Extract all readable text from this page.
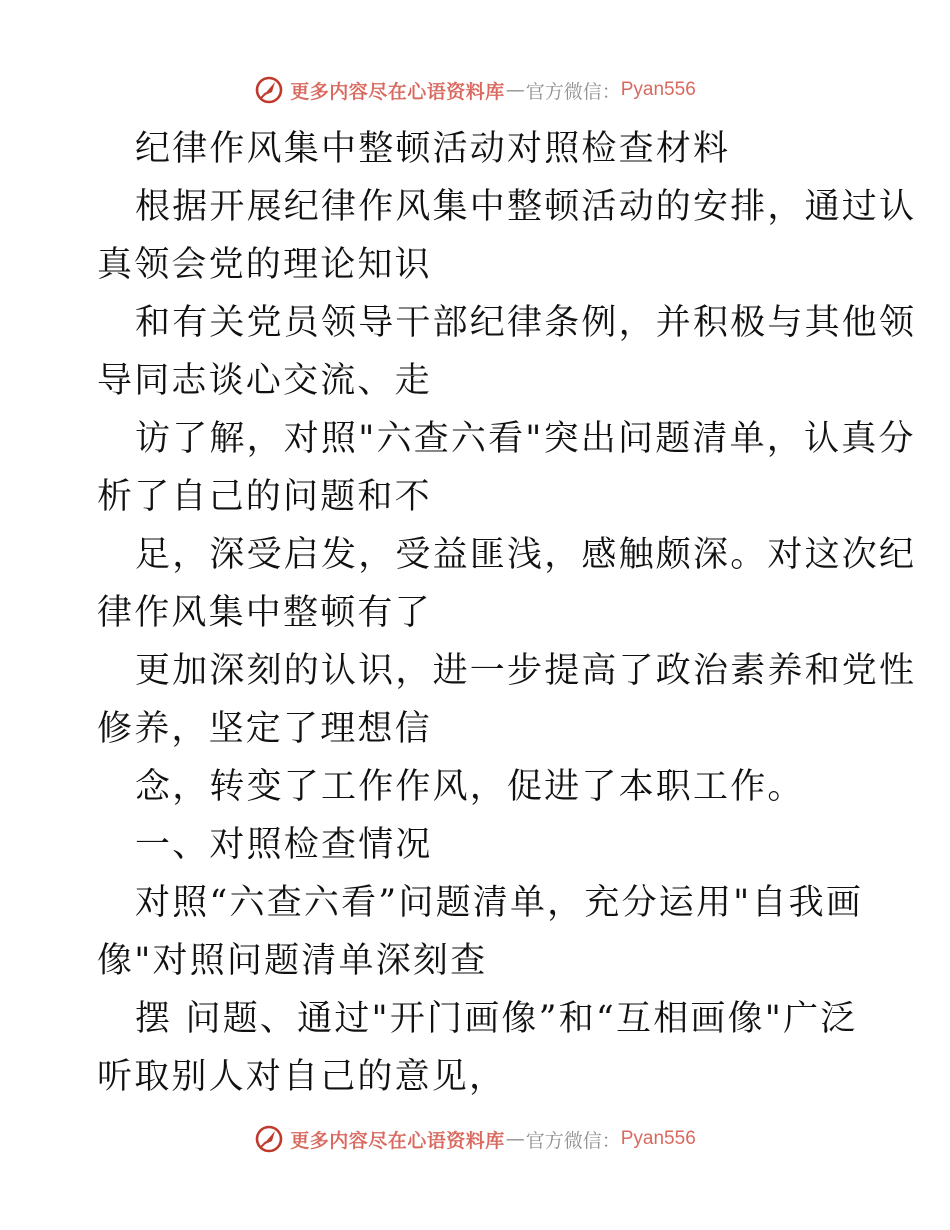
更多内容尽在心语资料库 — 官方微信： Pyan556

纪律作风集中整顿活动对照检查材料

根据开展纪律作风集中整顿活动的安排，通过认
真领会党的理论知识

和有关党员领导干部纪律条例，并积极与其他领
导同志谈心交流、走

访了解，对照"六查六看"突出问题清单，认真分
析了自己的问题和不

足，深受启发，受益匪浅，感触颇深。对这次纪
律作风集中整顿有了

更加深刻的认识，进一步提高了政治素养和党性
修养，坚定了理想信

念，转变了工作作风，促进了本职工作。

一、对照检查情况

对照“六查六看”问题清单，充分运用"自我画
像"对照问题清单深刻查

摆 问题、通过"开门画像”和“互相画像"广泛
听取别人对自己的意见，

更多内容尽在心语资料库 — 官方微信： Pyan556
